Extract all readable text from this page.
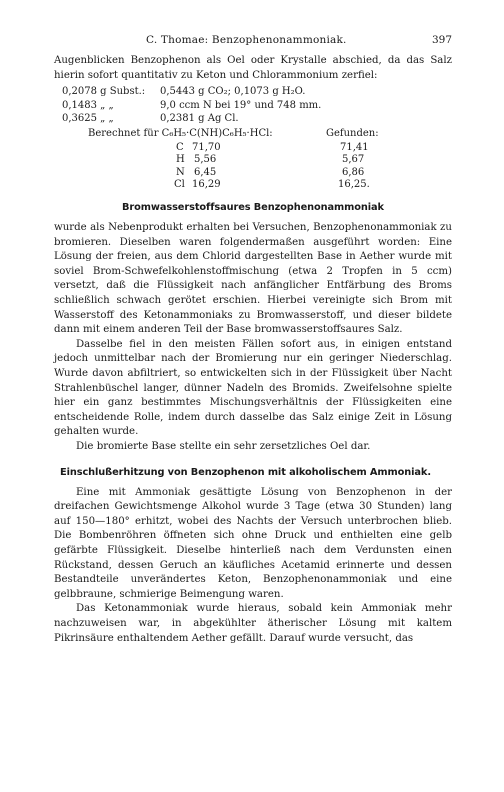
C. Thomae: Benzophenonammoniak.	397

Augenblicken Benzophenon als Oel oder Krystalle abschied, da das Salz hierin sofort quantitativ zu Keton und Chlorammonium zerfiel:

0,2078 g Subst.: 0,5443 g CO₂; 0,1073 g H₂O.
0,1483 „ „	9,0 ccm N bei 19° und 748 mm.
0,3625 „ „	0,2381 g Ag Cl.
Berechnet für C₆H₅·C(NH)C₆H₅·HCl:	Gefunden:
C 71,70	71,41
H 5,56	5,67
N 6,45	6,86
Cl 16,29	16,25.
Bromwasserstoffsaures Benzophenonammoniak

wurde als Nebenprodukt erhalten bei Versuchen, Benzophenonammoniak zu bromieren. Dieselben waren folgendermaßen ausgeführt worden: Eine Lösung der freien, aus dem Chlorid dargestellten Base in Aether wurde mit soviel Brom-Schwefelkohlenstoffmischung (etwa 2 Tropfen in 5 ccm) versetzt, daß die Flüssigkeit nach anfänglicher Entfärbung des Broms schließlich schwach gerötet erschien. Hierbei vereinigte sich Brom mit Wasserstoff des Ketonammoniaks zu Bromwasserstoff, und dieser bildete dann mit einem anderen Teil der Base bromwasserstoffsaures Salz.

Dasselbe fiel in den meisten Fällen sofort aus, in einigen entstand jedoch unmittelbar nach der Bromierung nur ein geringer Niederschlag. Wurde davon abfiltriert, so entwickelten sich in der Flüssigkeit über Nacht Strahlenbüschel langer, dünner Nadeln des Bromids. Zweifelsohne spielte hier ein ganz bestimmtes Mischungsverhältnis der Flüssigkeiten eine entscheidende Rolle, indem durch dasselbe das Salz einige Zeit in Lösung gehalten wurde.

Die bromierte Base stellte ein sehr zersetzliches Oel dar.

Einschlußerhitzung von Benzophenon mit alkoholischem Ammoniak.

Eine mit Ammoniak gesättigte Lösung von Benzophenon in der dreifachen Gewichtsmenge Alkohol wurde 3 Tage (etwa 30 Stunden) lang auf 150—180° erhitzt, wobei des Nachts der Versuch unterbrochen blieb. Die Bombenröhren öffneten sich ohne Druck und enthielten eine gelb gefärbte Flüssigkeit. Dieselbe hinterließ nach dem Verdunsten einen Rückstand, dessen Geruch an käufliches Acetamid erinnerte und dessen Bestandteile unverändertes Keton, Benzophenonammoniak und eine gelbbraune, schmierige Beimengung waren.

Das Ketonammoniak wurde hieraus, sobald kein Ammoniak mehr nachzuweisen war, in abgekühlter ätherischer Lösung mit kaltem Pikrinsäure enthaltendem Aether gefällt. Darauf wurde versucht, das
